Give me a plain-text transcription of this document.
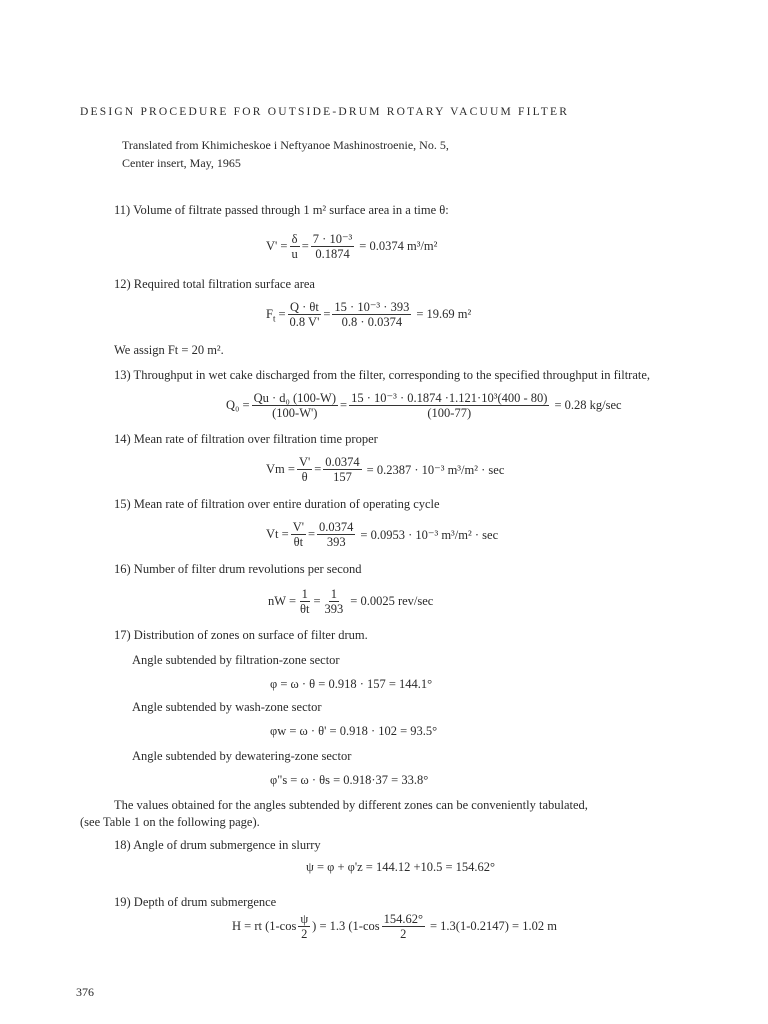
DESIGN PROCEDURE FOR OUTSIDE-DRUM ROTARY VACUUM FILTER
Translated from Khimicheskoe i Neftyanoe Mashinostroenie, No. 5,
Center insert, May, 1965
11) Volume of filtrate passed through 1 m² surface area in a time θ:
$V' = \frac{\delta}{u} = \frac{\text{7 · 10⁻³}}{0.1874} = 0.0374$ m³/m²
12) Required total filtration surface area
$F_t = \frac{Q \cdot \theta t}{0.8 V'} = \frac{\text{15 · 10⁻³ · 393}}{0.8 \cdot 0.0374} = 19.69$ m²
We assign Ft = 20 m².
13) Throughput in wet cake discharged from the filter, corresponding to the specified throughput in filtrate,
$Q_0 = \frac{\text{Qu · d₀ (100-W)}}{(100-W')} = \frac{\text{15 · 10⁻³ · 0.1874 ·1.121·10³(400 - 80)}}{(100-77)} = 0.28$ kg/sec
14) Mean rate of filtration over filtration time proper
$Vm = \frac{V'}{\theta} = \frac{0.0374}{157} = 0.2387 \cdot 10^{-3}$ m³/m² · sec
15) Mean rate of filtration over entire duration of operating cycle
$Vt = \frac{V'}{\theta t} = \frac{0.0374}{393} = 0.0953 \cdot 10^{-3}$ m³/m² · sec
16) Number of filter drum revolutions per second
nW = $\frac{1}{\theta t} = \frac{1}{393} = 0.0025$ rev/sec
17) Distribution of zones on surface of filter drum.
Angle subtended by filtration-zone sector
φ = ω · θ = 0.918 · 157 = 144.1°
Angle subtended by wash-zone sector
φw = ω · θ' = 0.918 · 102 = 93.5°
Angle subtended by dewatering-zone sector
φ"s = ω · θs = 0.918·37 = 33.8°
The values obtained for the angles subtended by different zones can be conveniently tabulated,
(see Table 1 on the following page).
18) Angle of drum submergence in slurry
ψ = φ + φ'z = 144.12 +10.5 = 154.62°
19) Depth of drum submergence
H = rt ($1-\cos \frac{\psi}{2}$ ) = 1.3 ($1-\cos \frac{154.62^\circ}{2} = 1.3(1-0.2147) = 1.02$ m
376
